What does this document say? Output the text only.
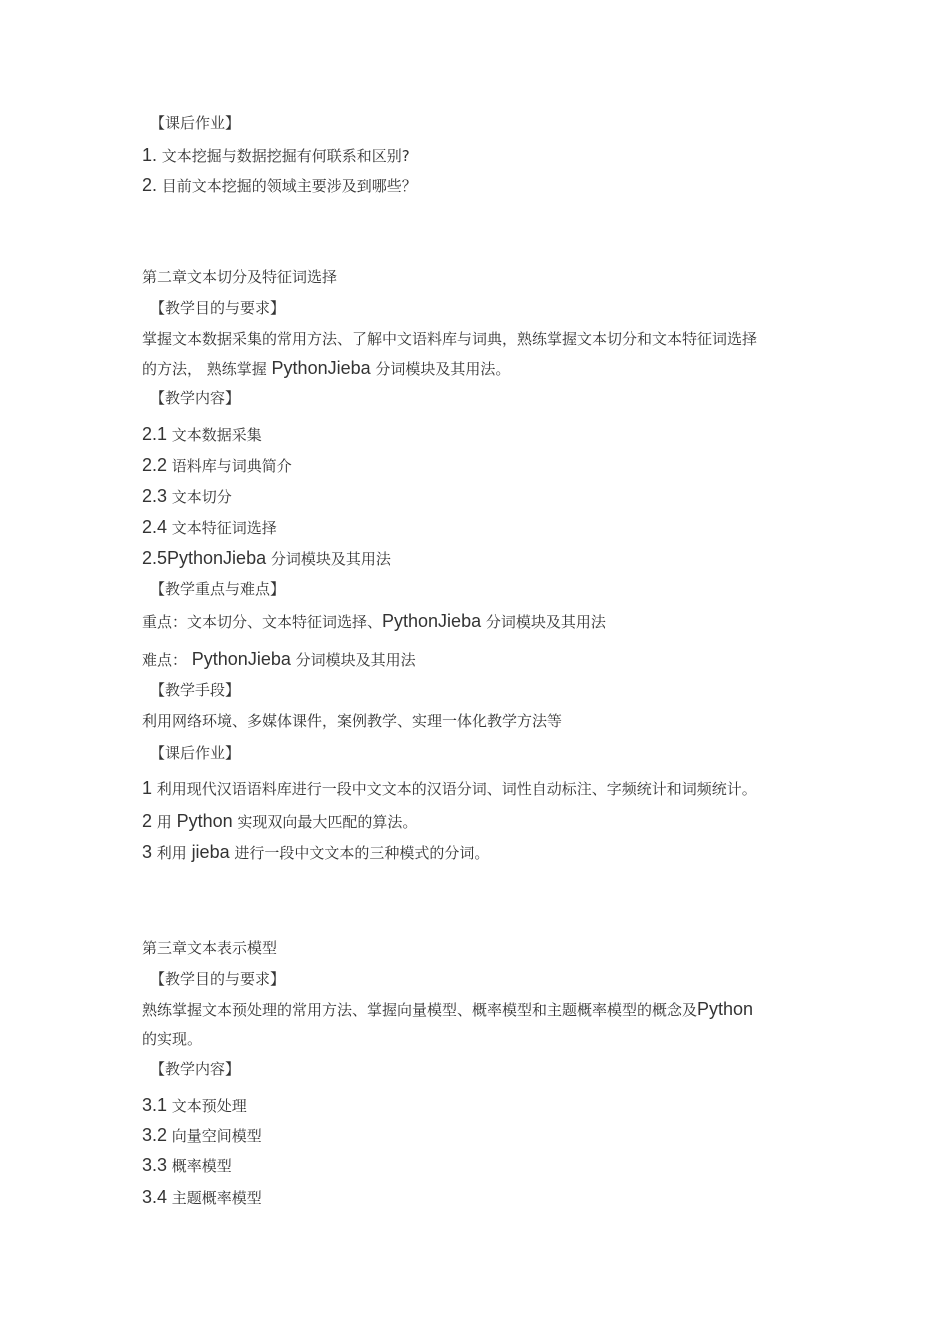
【课后作业】
1. 文本挖掘与数据挖掘有何联系和区别?
2. 目前文本挖掘的领域主要涉及到哪些？
第二章文本切分及特征词选择
【教学目的与要求】
掌握文本数据采集的常用方法、了解中文语料库与词典，熟练掌握文本切分和文本特征词选择
的方法， 熟练掌握 PythonJieba 分词模块及其用法。
【教学内容】
2.1 文本数据采集
2.2 语料库与词典简介
2.3 文本切分
2.4 文本特征词选择
2.5PythonJieba 分词模块及其用法
【教学重点与难点】
重点：文本切分、文本特征词选择、PythonJieba 分词模块及其用法
难点： PythonJieba 分词模块及其用法
【教学手段】
利用网络环境、多媒体课件，案例教学、实理一体化教学方法等
【课后作业】
1 利用现代汉语语料库进行一段中文文本的汉语分词、词性自动标注、字频统计和词频统计。
2 用 Python 实现双向最大匹配的算法。
3 利用 jieba 进行一段中文文本的三种模式的分词。
第三章文本表示模型
【教学目的与要求】
熟练掌握文本预处理的常用方法、掌握向量模型、概率模型和主题概率模型的概念及Python
的实现。
【教学内容】
3.1 文本预处理
3.2 向量空间模型
3.3 概率模型
3.4 主题概率模型
